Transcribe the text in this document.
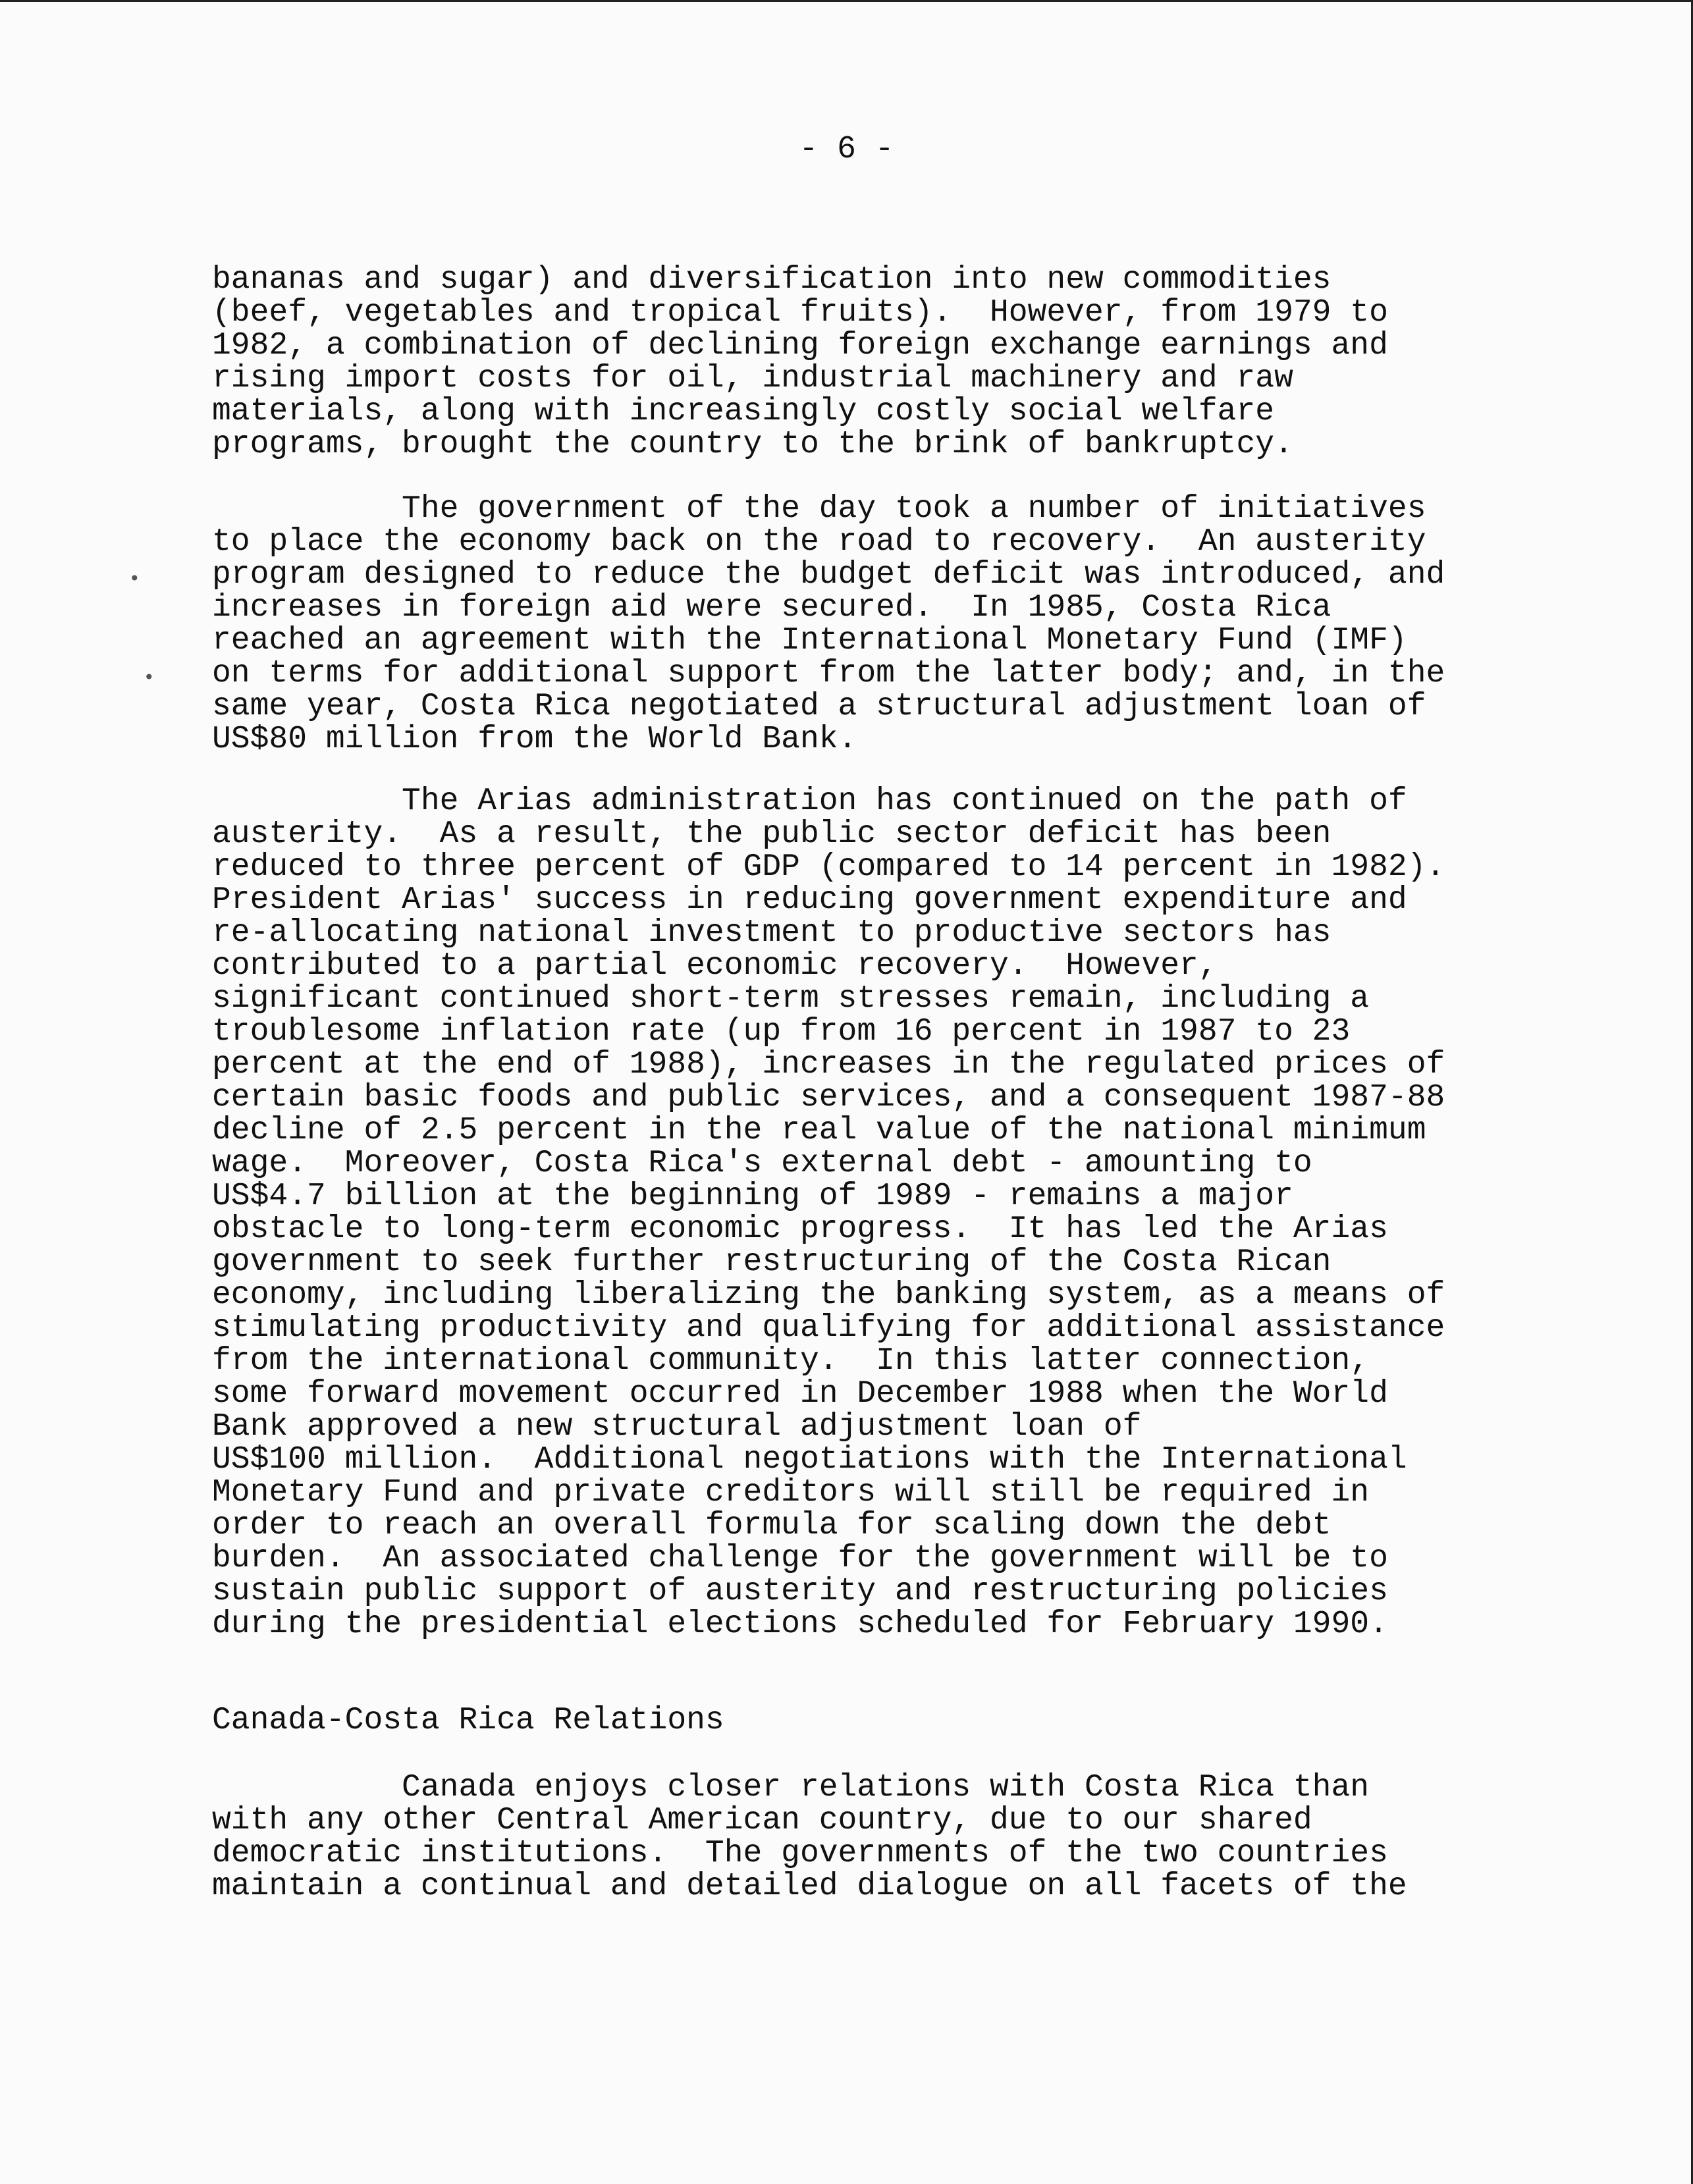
- 6 -
bananas and sugar) and diversification into new commodities
(beef, vegetables and tropical fruits).  However, from 1979 to
1982, a combination of declining foreign exchange earnings and
rising import costs for oil, industrial machinery and raw
materials, along with increasingly costly social welfare
programs, brought the country to the brink of bankruptcy.
The government of the day took a number of initiatives
to place the economy back on the road to recovery.  An austerity
program designed to reduce the budget deficit was introduced, and
increases in foreign aid were secured.  In 1985, Costa Rica
reached an agreement with the International Monetary Fund (IMF)
on terms for additional support from the latter body; and, in the
same year, Costa Rica negotiated a structural adjustment loan of
US$80 million from the World Bank.
The Arias administration has continued on the path of
austerity.  As a result, the public sector deficit has been
reduced to three percent of GDP (compared to 14 percent in 1982).
President Arias' success in reducing government expenditure and
re-allocating national investment to productive sectors has
contributed to a partial economic recovery.  However,
significant continued short-term stresses remain, including a
troublesome inflation rate (up from 16 percent in 1987 to 23
percent at the end of 1988), increases in the regulated prices of
certain basic foods and public services, and a consequent 1987-88
decline of 2.5 percent in the real value of the national minimum
wage.  Moreover, Costa Rica's external debt - amounting to
US$4.7 billion at the beginning of 1989 - remains a major
obstacle to long-term economic progress.  It has led the Arias
government to seek further restructuring of the Costa Rican
economy, including liberalizing the banking system, as a means of
stimulating productivity and qualifying for additional assistance
from the international community.  In this latter connection,
some forward movement occurred in December 1988 when the World
Bank approved a new structural adjustment loan of
US$100 million.  Additional negotiations with the International
Monetary Fund and private creditors will still be required in
order to reach an overall formula for scaling down the debt
burden.  An associated challenge for the government will be to
sustain public support of austerity and restructuring policies
during the presidential elections scheduled for February 1990.
Canada-Costa Rica Relations
Canada enjoys closer relations with Costa Rica than
with any other Central American country, due to our shared
democratic institutions.  The governments of the two countries
maintain a continual and detailed dialogue on all facets of the
•
•
